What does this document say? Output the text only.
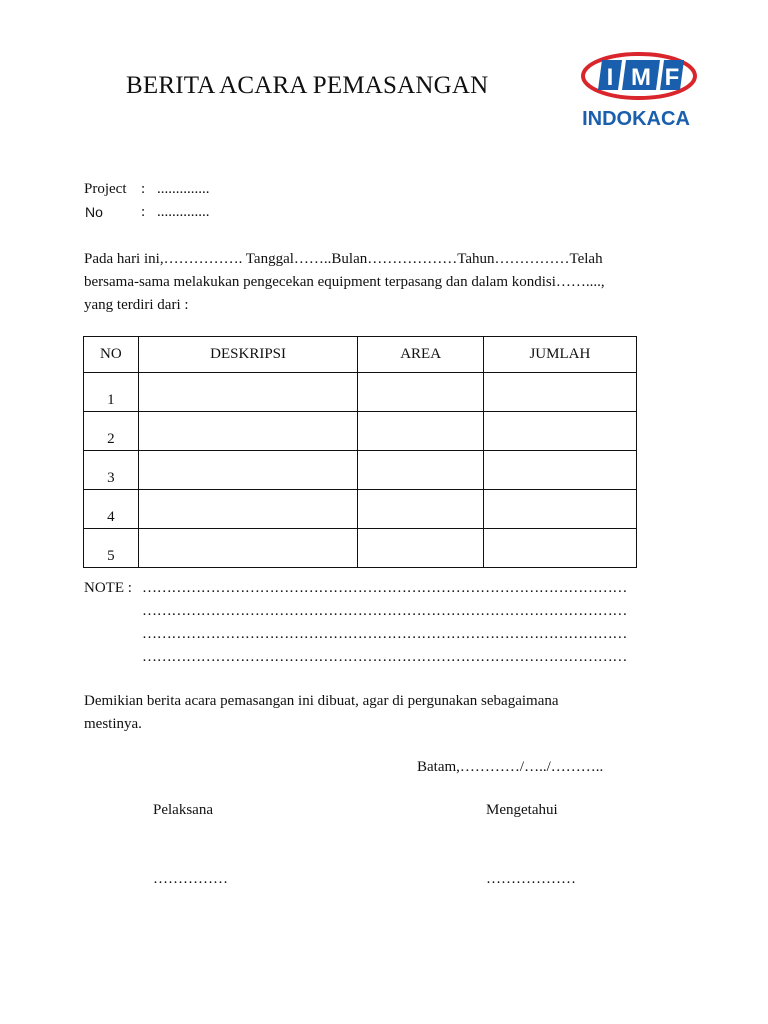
BERITA ACARA PEMASANGAN	I M F
INDOKACA
Project : ..............
No	: ..............
Pada hari ini,……………. Tanggal……..Bulan………………Tahun……………Telah
bersama-sama melakukan pengecekan equipment terpasang dan dalam kondisi……....,
yang terdiri dari :
NO	DESKRIPSI	AREA	JUMLAH
1			
2			
3			
4			
5			
NOTE : ………………………………………………………………………………………
………………………………………………………………………………………
………………………………………………………………………………………
………………………………………………………………………………………
Demikian berita acara pemasangan ini dibuat, agar di pergunakan sebagaimana
mestinya.
Batam,…………/…../………..
Pelaksana	Mengetahui
……………	………………
